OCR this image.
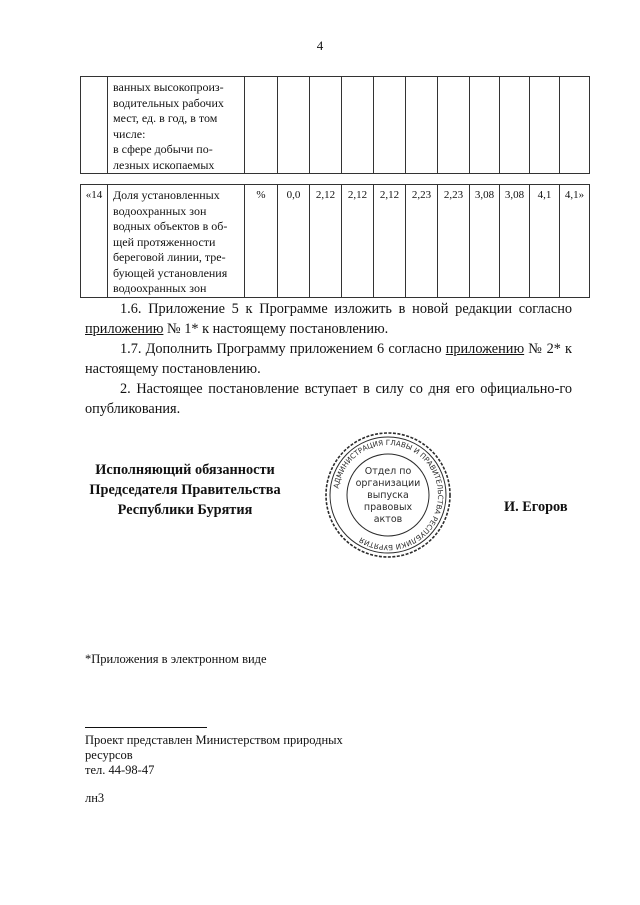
4

ванных высокопроиз-
водительных рабочих
мест, ед. в год, в том
числе:
в сфере добычи по-
лезных ископаемых

«14	Доля установленных
водоохранных зон
водных объектов в об-
щей протяженности
береговой линии, тре-
бующей установления
водоохранных зон
	%	0,0	2,12	2,12	2,12	2,23	2,23	3,08	3,08	4,1	4,1»

1.6. Приложение 5 к Программе изложить в новой редакции согласно приложению № 1* к настоящему постановлению.

1.7. Дополнить Программу приложением 6 согласно приложению № 2* к настоящему постановлению.

2. Настоящее постановление вступает в силу со дня его официально-го опубликования.

Исполняющий обязанности
Председателя Правительства
Республики Бурятия	И. Егоров
АДМИНИСТРАЦИЯ ГЛАВЫ И ПРАВИТЕЛЬСТВА РЕСПУБЛИКИ БУРЯТИЯ
Отдел по
организации
выпуска
правовых
актов
*Приложения в электронном виде
Проект представлен Министерством природных
ресурсов
тел. 44-98-47
лн3
